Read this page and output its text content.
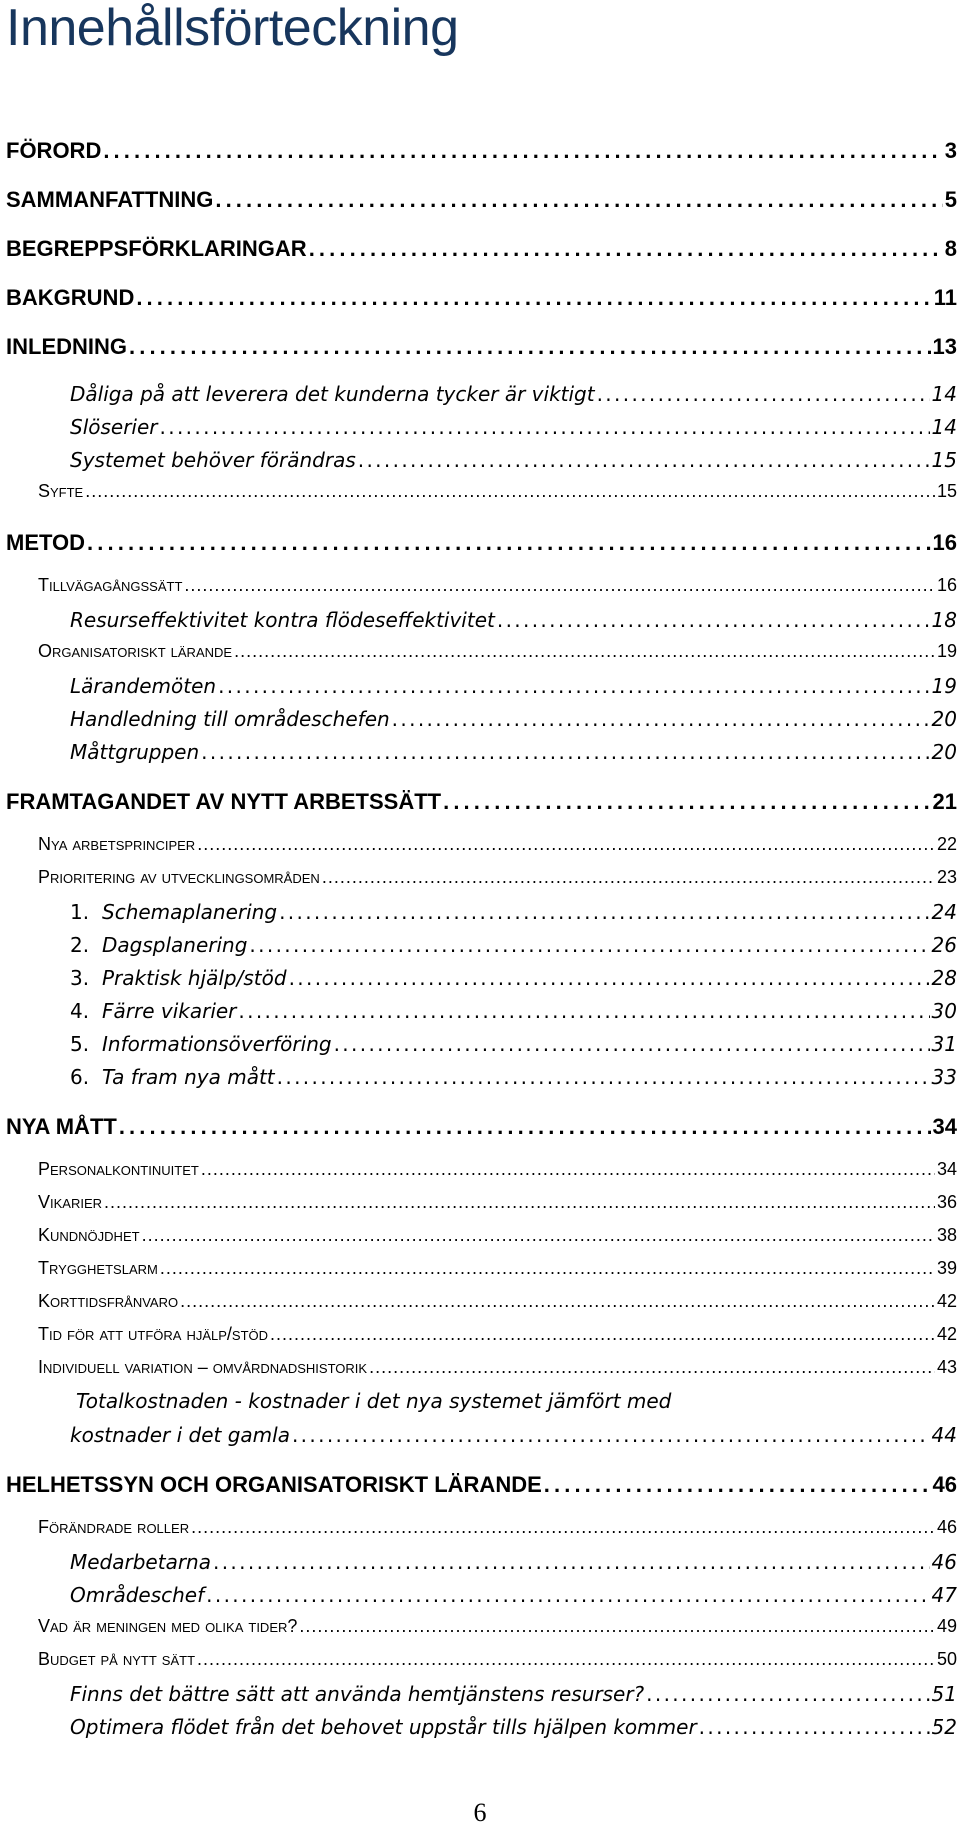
Innehållsförteckning
FÖRORD . . .	3
SAMMANFATTNING . . .	5
BEGREPPSFÖRKLARINGAR . . .	8
BAKGRUND . . .	11
INLEDNING . . .	13
Dåliga på att leverera det kunderna tycker är viktigt . . .	14
Slöserier . . .	14
Systemet behöver förändras . . .	15
Syfte . . .	15
METOD . . .	16
Tillvägagångssätt . . .	16
Resurseffektivitet kontra flödeseffektivitet . . .	18
Organisatoriskt lärande . . .	19
Lärandemöten . . .	19
Handledning till områdeschefen . . .	20
Måttgruppen . . .	20
FRAMTAGANDET AV NYTT ARBETSSÄTT . . .	21
Nya arbetsprinciper . . .	22
Prioritering av utvecklingsområden . . .	23
1. Schemaplanering . . .	24
2. Dagsplanering . . .	26
3. Praktisk hjälp/stöd . . .	28
4. Färre vikarier . . .	30
5. Informationsöverföring . . .	31
6. Ta fram nya mått . . .	33
NYA MÅTT . . .	34
Personalkontinuitet . . .	34
Vikarier . . .	36
Kundnöjdhet . . .	38
Trygghetslarm . . .	39
Korttidsfrånvaro . . .	42
Tid för att utföra hjälp/stöd . . .	42
Individuell variation – omvårdnadshistorik . . .	43
Totalkostnaden - kostnader i det nya systemet jämfört med
kostnader i det gamla . . .	44
HELHETSSYN OCH ORGANISATORISKT LÄRANDE . . .	46
Förändrade roller . . .	46
Medarbetarna . . .	46
Områdeschef . . .	47
Vad är meningen med olika tider? . . .	49
Budget på nytt sätt . . .	50
Finns det bättre sätt att använda hemtjänstens resurser? . . .	51
Optimera flödet från det behovet uppstår tills hjälpen kommer . . .	52
6
